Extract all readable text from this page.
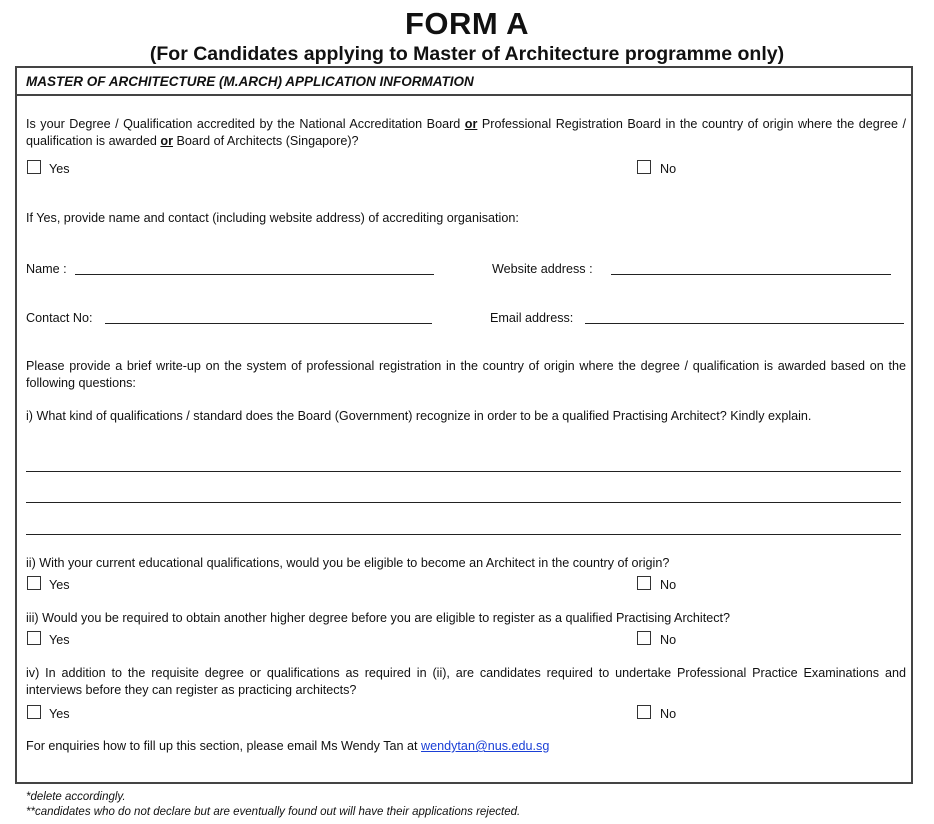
FORM A
(For Candidates applying to Master of Architecture programme only)
MASTER OF ARCHITECTURE (M.ARCH) APPLICATION INFORMATION
Is your Degree / Qualification accredited by the National Accreditation Board or Professional Registration Board in the country of origin where the degree / qualification is awarded or Board of Architects (Singapore)?
Yes	No
If Yes, provide name and contact (including website address) of accrediting organisation:
Name :	Website address :
Contact No:	Email address:
Please provide a brief write-up on the system of professional registration in the country of origin where the degree / qualification is awarded based on the following questions:
i) What kind of qualifications / standard does the Board (Government) recognize in order to be a qualified Practising Architect? Kindly explain.
ii) With your current educational qualifications, would you be eligible to become an Architect in the country of origin?
Yes	No
iii) Would you be required to obtain another higher degree before you are eligible to register as a qualified Practising Architect?
Yes	No
iv) In addition to the requisite degree or qualifications as required in (ii), are candidates required to undertake Professional Practice Examinations and interviews before they can register as practicing architects?
Yes	No
For enquiries how to fill up this section, please email Ms Wendy Tan at wendytan@nus.edu.sg
*delete accordingly.
**candidates who do not declare but are eventually found out will have their applications rejected.
